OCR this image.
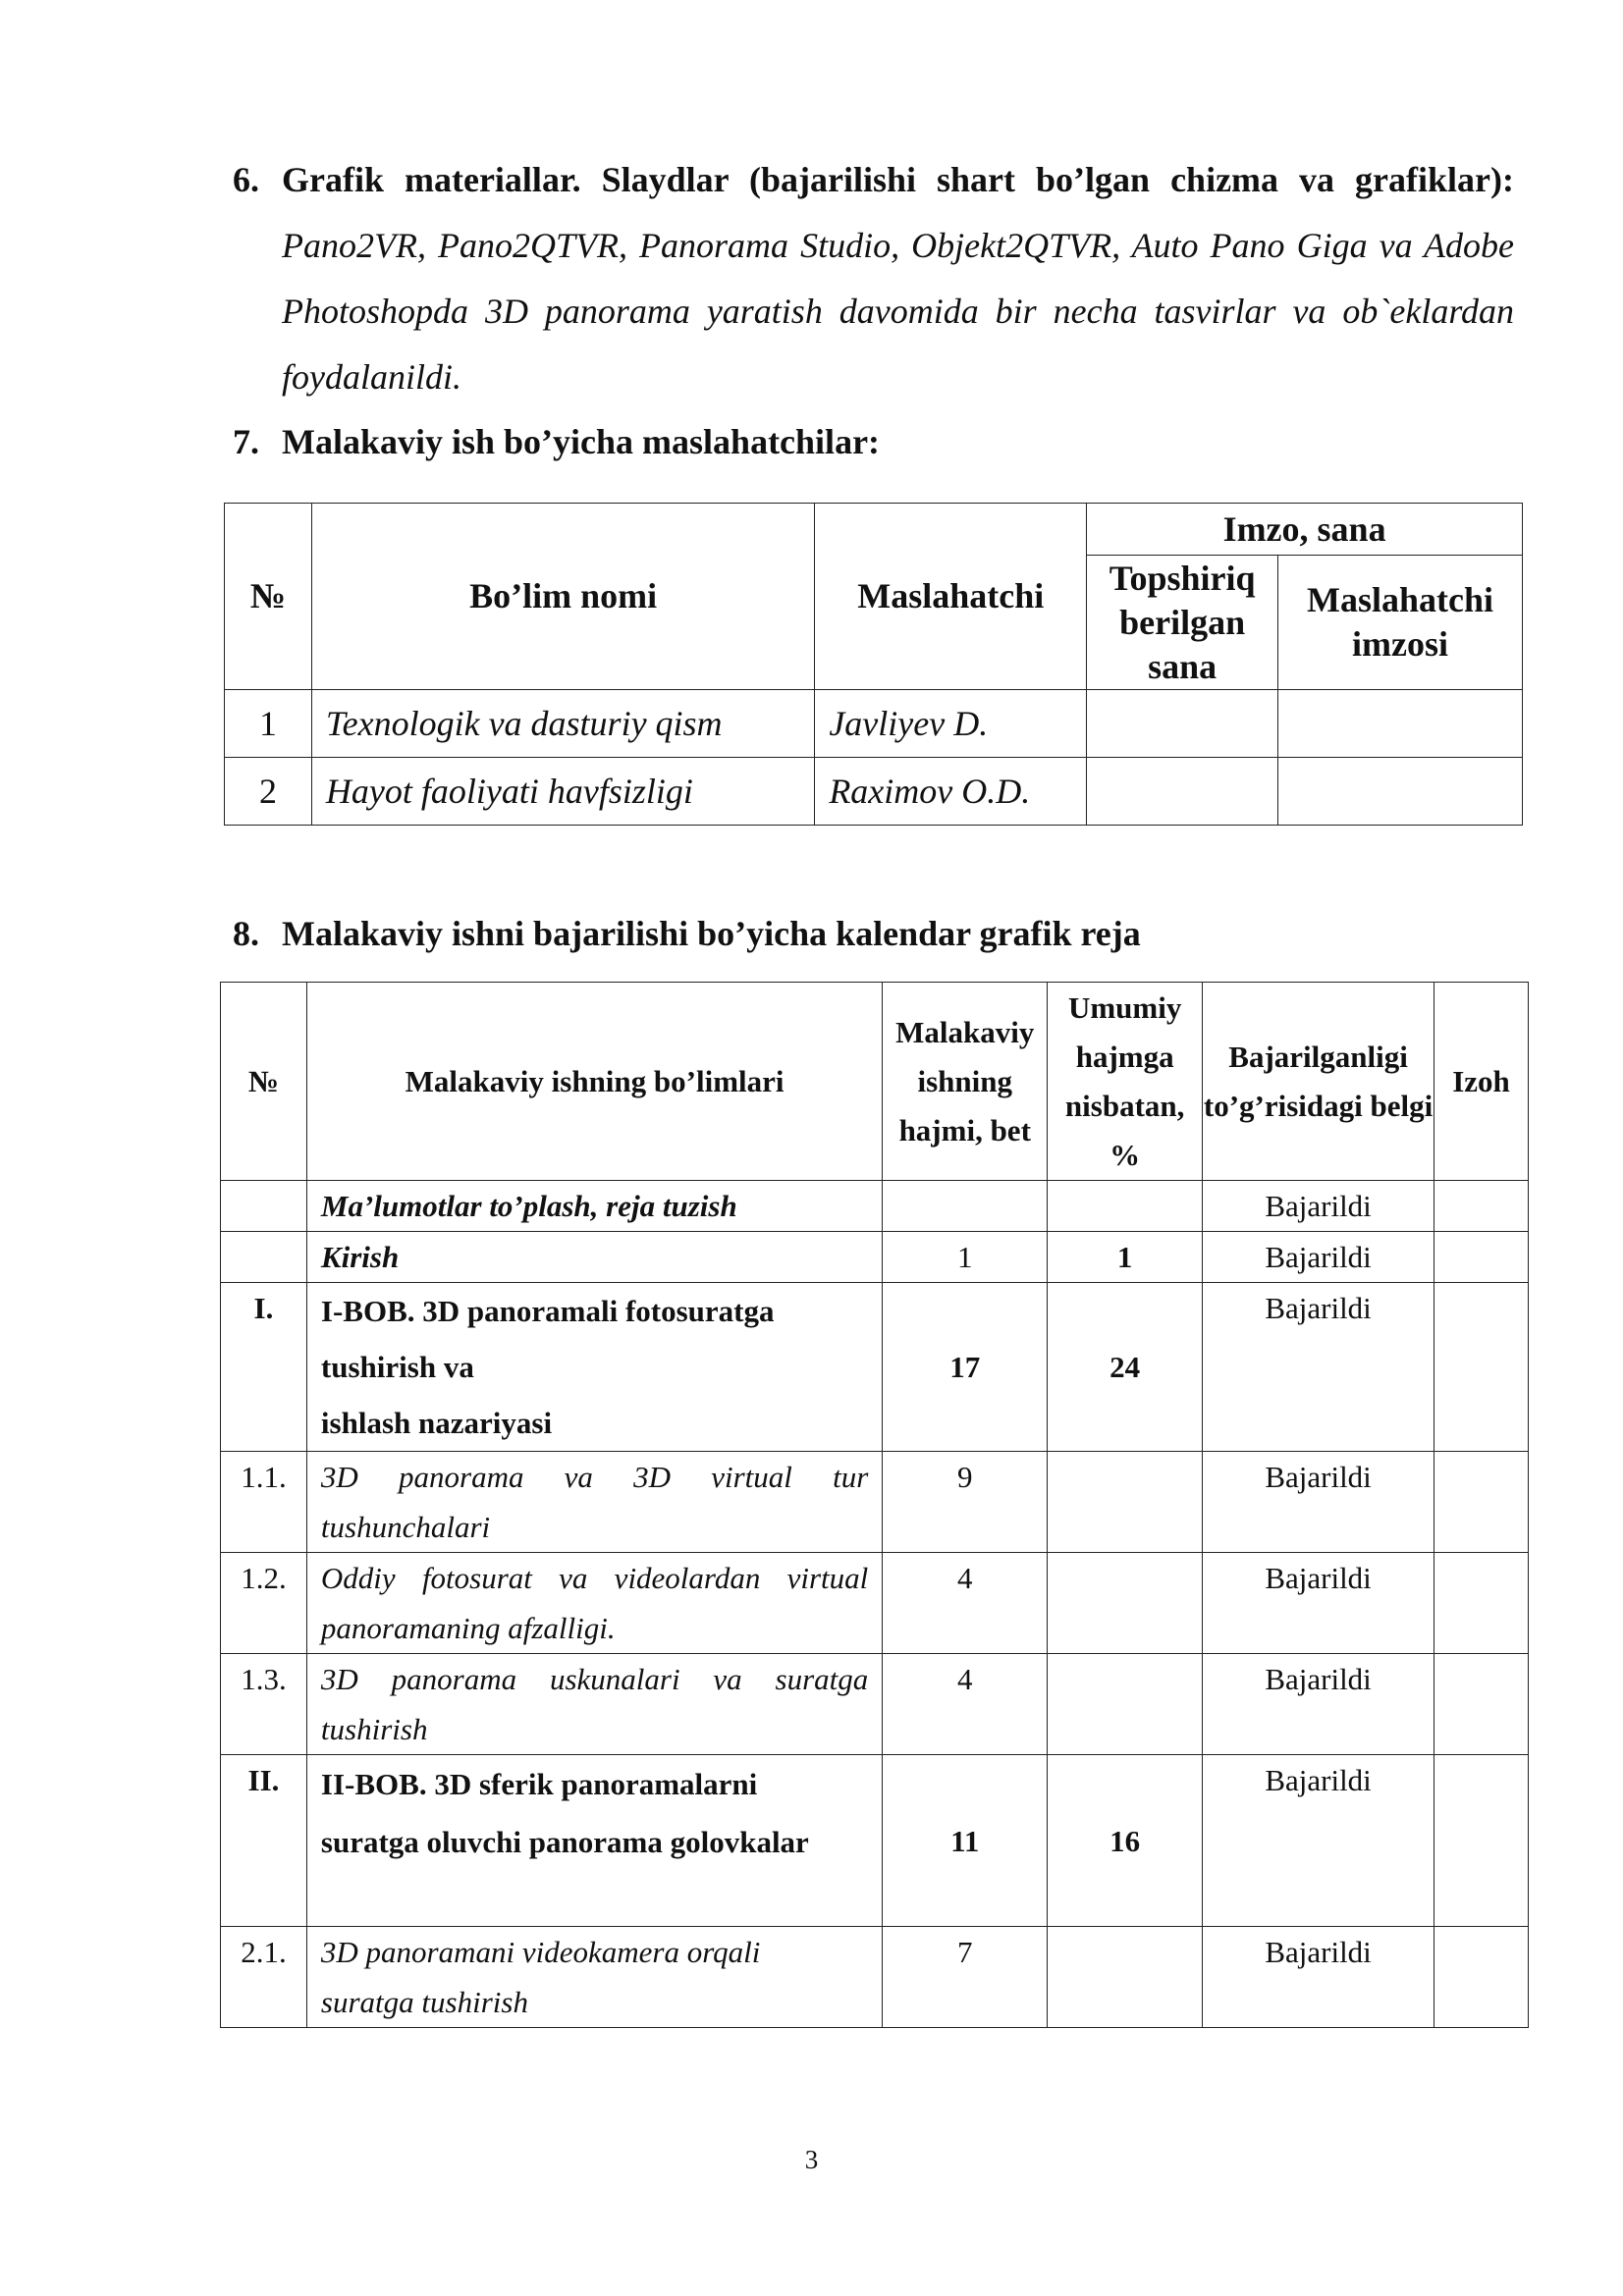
6. Grafik materiallar. Slaydlar (bajarilishi shart bo’lgan chizma va grafiklar): Pano2VR, Pano2QTVR, Panorama Studio, Objekt2QTVR, Auto Pano Giga va Adobe Photoshopda 3D panorama yaratish davomida bir necha tasvirlar va ob`eklardan foydalanildi.
7. Malakaviy ish bo’yicha maslahatchilar:
№	Bo’lim nomi	Maslahatchi	Imzo, sana	
			Topshiriq berilgan sana	Maslahatchi imzosi
1	Texnologik va dasturiy qism	Javliyev D.		
2	Hayot faoliyati havfsizligi	Raximov O.D.		
8. Malakaviy ishni bajarilishi bo’yicha kalendar grafik reja
№	Malakaviy ishning bo’limlari	Malakaviy ishning hajmi, bet	Umumiy hajmga nisbatan, %	Bajarilganligi to’g’risidagi belgi	Izoh

	Ma’lumotlar to’plash, reja tuzish			Bajarildi	

	Kirish	1	1	Bajarildi	
I.	I-BOB. 3D panoramali fotosuratga
tushirish va
ishlash nazariyasi	17	24	Bajarildi	
1.1.	3D panorama va 3D virtual tur
tushunchalari	9		Bajarildi	
1.2.	Oddiy fotosurat va videolardan virtual
panoramaning afzalligi.	4		Bajarildi	
1.3.	3D panorama uskunalari va suratga
tushirish	4		Bajarildi	
II.	II-BOB. 3D sferik panoramalarni
suratga oluvchi panorama golovkalar	11	16	Bajarildi	
2.1.	3D panoramani videokamera orqali
suratga tushirish	7		Bajarildi	
3
